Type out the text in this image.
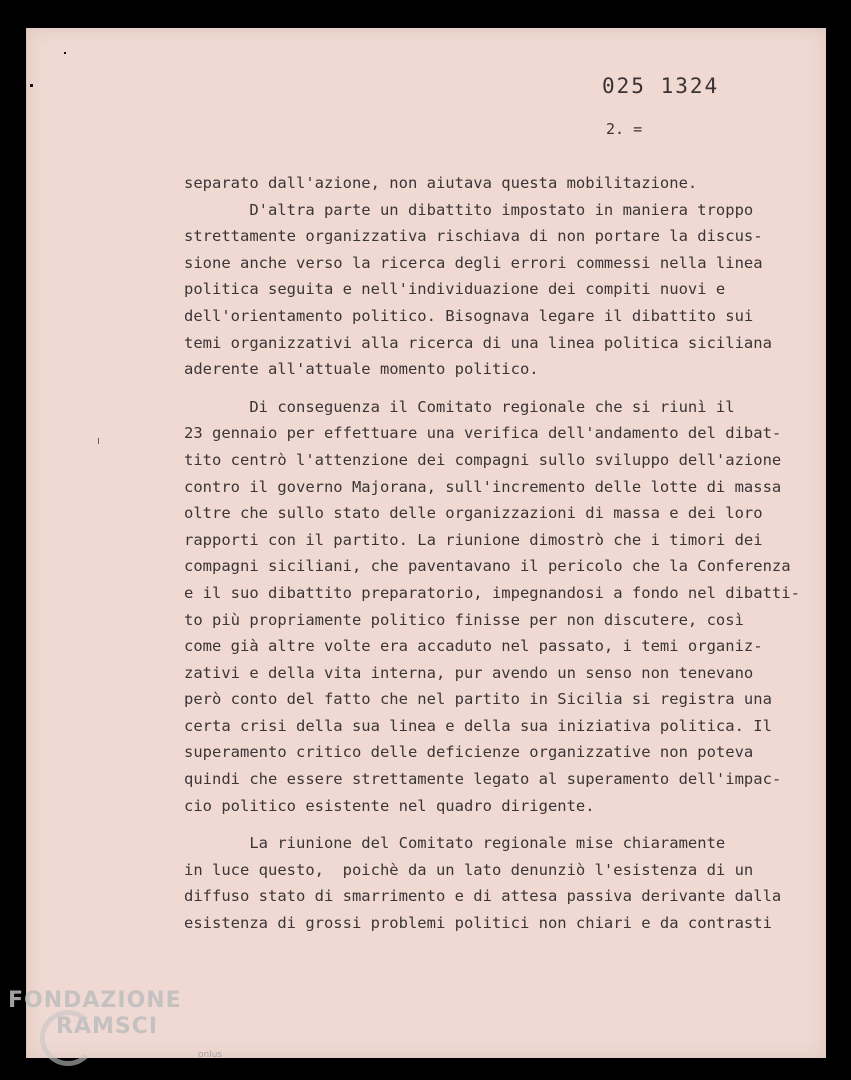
025 1324
2. =
separato dall'azione, non aiutava questa mobilitazione.
D'altra parte un dibattito impostato in maniera troppo
strettamente organizzativa rischiava di non portare la discus-
sione anche verso la ricerca degli errori commessi nella linea
politica seguita e nell'individuazione dei compiti nuovi e
dell'orientamento politico. Bisognava legare il dibattito sui
temi organizzativi alla ricerca di una linea politica siciliana
aderente all'attuale momento politico.
Di conseguenza il Comitato regionale che si riunì il
23 gennaio per effettuare una verifica dell'andamento del dibat-
tito centrò l'attenzione dei compagni sullo sviluppo dell'azione
contro il governo Majorana, sull'incremento delle lotte di massa
oltre che sullo stato delle organizzazioni di massa e dei loro
rapporti con il partito. La riunione dimostrò che i timori dei
compagni siciliani, che paventavano il pericolo che la Conferenza
e il suo dibattito preparatorio, impegnandosi a fondo nel dibatti-
to più propriamente politico finisse per non discutere, così
come già altre volte era accaduto nel passato, i temi organiz-
zativi e della vita interna, pur avendo un senso non tenevano
però conto del fatto che nel partito in Sicilia si registra una
certa crisi della sua linea e della sua iniziativa politica. Il
superamento critico delle deficienze organizzative non poteva
quindi che essere strettamente legato al superamento dell'impac-
cio politico esistente nel quadro dirigente.
La riunione del Comitato regionale mise chiaramente
in luce questo,  poichè da un lato denunziò l'esistenza di un
diffuso stato di smarrimento e di attesa passiva derivante dalla
esistenza di grossi problemi politici non chiari e da contrasti
FONDAZIONE
RAMSCI
onlus
